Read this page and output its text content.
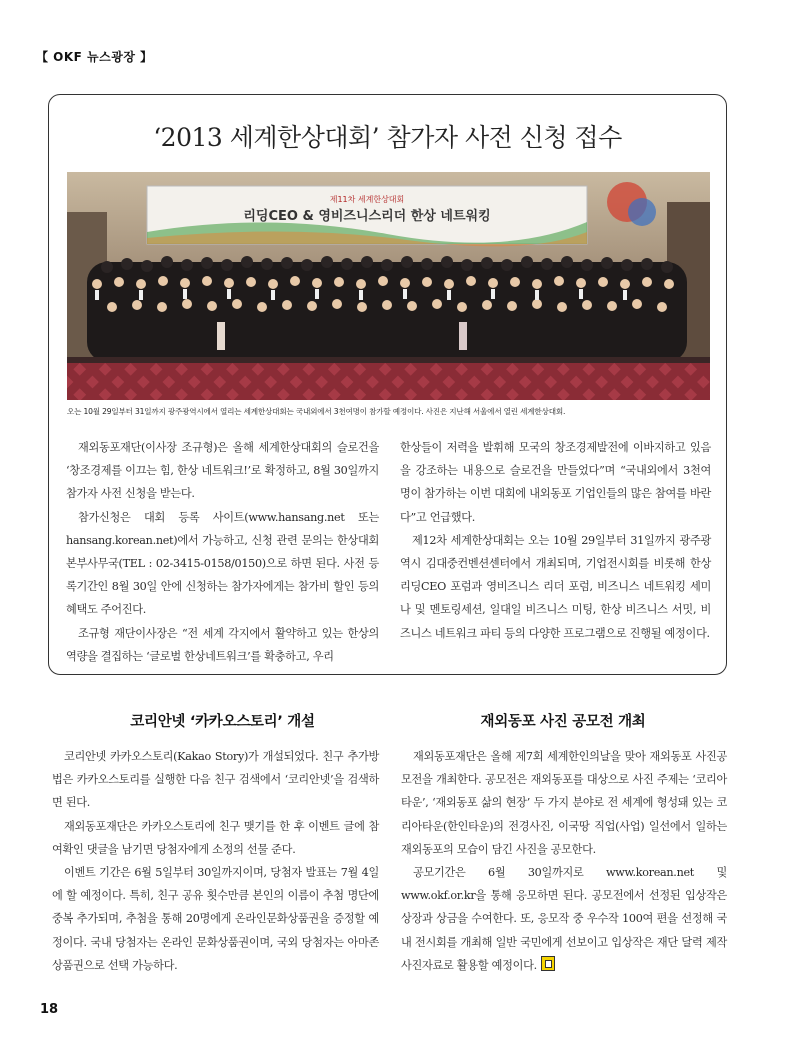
【 OKF 뉴스광장 】
‘2013 세계한상대회’ 참가자 사전 신청 접수
제11차 세계한상대회
리딩CEO & 영비즈니스리더 한상 네트워킹
오는 10월 29일부터 31일까지 광주광역시에서 열리는 세계한상대회는 국내외에서 3천여명이 참가할 예정이다. 사진은 지난해 서울에서 열린 세계한상대회.

재외동포재단(이사장 조규형)은 올해 세계한상대회의 슬로건을 ‘창조경제를 이끄는 힘, 한상 네트워크!’로 확정하고, 8월 30일까지 참가자 사전 신청을 받는다.

참가신청은 대회 등록 사이트(www.hansang.net 또는 hansang.korean.net)에서 가능하고, 신청 관련 문의는 한상대회 본부사무국(TEL : 02-3415-0158/0150)으로 하면 된다. 사전 등록기간인 8월 30일 안에 신청하는 참가자에게는 참가비 할인 등의 혜택도 주어진다.

조규형 재단이사장은 “전 세계 각지에서 활약하고 있는 한상의 역량을 결집하는 ‘글로벌 한상네트워크’를 확충하고, 우리

한상들이 저력을 발휘해 모국의 창조경제발전에 이바지하고 있음을 강조하는 내용으로 슬로건을 만들었다”며 “국내외에서 3천여 명이 참가하는 이번 대회에 내외동포 기업인들의 많은 참여를 바란다”고 언급했다.

제12차 세계한상대회는 오는 10월 29일부터 31일까지 광주광역시 김대중컨벤션센터에서 개최되며, 기업전시회를 비롯해 한상 리딩CEO 포럼과 영비즈니스 리더 포럼, 비즈니스 네트워킹 세미나 및 멘토링세션, 일대일 비즈니스 미팅, 한상 비즈니스 서밋, 비즈니스 네트워크 파티 등의 다양한 프로그램으로 진행될 예정이다.

코리안넷 ‘카카오스토리’ 개설

코리안넷 카카오스토리(Kakao Story)가 개설되었다. 친구 추가방법은 카카오스토리를 실행한 다음 친구 검색에서 ‘코리안넷’을 검색하면 된다.

재외동포재단은 카카오스토리에 친구 맺기를 한 후 이벤트 글에 참여확인 댓글을 남기면 당첨자에게 소정의 선물 준다.

이벤트 기간은 6월 5일부터 30일까지이며, 당첨자 발표는 7월 4일에 할 예정이다. 특히, 친구 공유 횟수만큼 본인의 이름이 추첨 명단에 중복 추가되며, 추첨을 통해 20명에게 온라인문화상품권을 증정할 예정이다. 국내 당첨자는 온라인 문화상품권이며, 국외 당첨자는 아마존 상품권으로 선택 가능하다.

재외동포 사진 공모전 개최

재외동포재단은 올해 제7회 세계한인의날을 맞아 재외동포 사진공모전을 개최한다. 공모전은 재외동포를 대상으로 사진 주제는 ‘코리아 타운’, ‘재외동포 삶의 현장’ 두 가지 분야로 전 세계에 형성돼 있는 코리아타운(한인타운)의 전경사진, 이국땅 직업(사업) 일선에서 일하는 재외동포의 모습이 담긴 사진을 공모한다.

공모기간은 6월 30일까지로 www.korean.net 및 www.okf.or.kr을 통해 응모하면 된다. 공모전에서 선정된 입상작은 상장과 상금을 수여한다. 또, 응모작 중 우수작 100여 편을 선정해 국내 전시회를 개최해 일반 국민에게 선보이고 입상작은 재단 달력 제작 사진자료로 활용할 예정이다.

18
